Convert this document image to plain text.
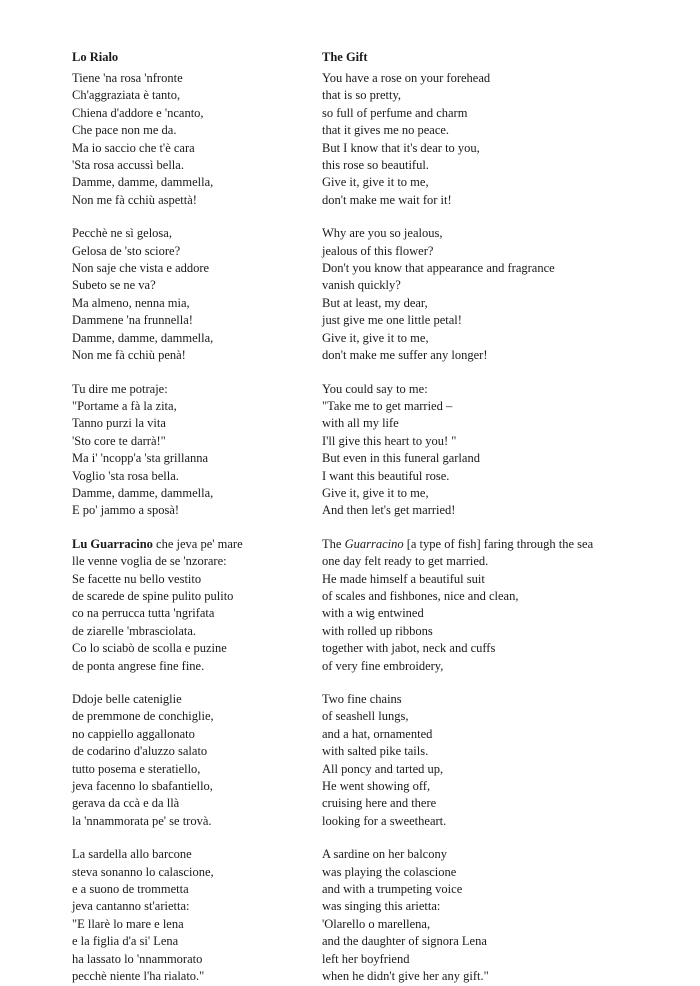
Lo Rialo
Tiene 'na rosa 'nfronte
Ch'aggraziata è tanto,
Chiena d'addore e 'ncanto,
Che pace non me da.
Ma io saccio che t'è cara
'Sta rosa accussì bella.
Damme, damme, dammella,
Non me fà cchiù aspettà!
Pecchè ne sì gelosa,
Gelosa de 'sto sciore?
Non saje che vista e addore
Subeto se ne va?
Ma almeno, nenna mia,
Dammene 'na frunnella!
Damme, damme, dammella,
Non me fà cchiù penà!
Tu dire me potraje:
"Portame a fà la zita,
Tanno purzi la vita
'Sto core te darrà!"
Ma i' 'ncopp'a 'sta grillanna
Voglio 'sta rosa bella.
Damme, damme, dammella,
E po' jammo a sposà!
Lu Guarracino che jeva pe' mare
lle venne voglia de se 'nzorare:
Se facette nu bello vestito
de scarede de spine pulito pulito
co na perrucca tutta 'ngrifata
de ziarelle 'mbrasciolata.
Co lo sciabò de scolla e puzine
de ponta angrese fine fine.
Ddoje belle cateniglie
de premmone de conchiglie,
no cappiello aggallonato
de codarino d'aluzzo salato
tutto posema e steratiello,
jeva facenno lo sbafantiello,
gerava da ccà e da llà
la 'nnammorata pe' se trovà.
La sardella allo barcone
steva sonanno lo calascione,
e a suono de trommetta
jeva cantanno st'arietta:
"E llarè lo mare e lena
e la figlia d'a si' Lena
ha lassato lo 'nnammorato
pecchè niente l'ha rialato."
The Gift
You have a rose on your forehead
that is so pretty,
so full of perfume and charm
that it gives me no peace.
But I know that it's dear to you,
this rose so beautiful.
Give it, give it to me,
don't make me wait for it!
Why are you so jealous,
jealous of this flower?
Don't you know that appearance and fragrance
vanish quickly?
But at least, my dear,
just give me one little petal!
Give it, give it to me,
don't make me suffer any longer!
You could say to me:
"Take me to get married –
with all my life
I'll give this heart to you! "
But even in this funeral garland
I want this beautiful rose.
Give it, give it to me,
And then let's get married!
The Guarracino [a type of fish] faring through the sea
one day felt ready to get married.
He made himself a beautiful suit
of scales and fishbones, nice and clean,
with a wig entwined
with rolled up ribbons
together with jabot, neck and cuffs
of very fine embroidery,
Two fine chains
of seashell lungs,
and a hat, ornamented
with salted pike tails.
All poncy and tarted up,
He went showing off,
cruising here and there
looking for a sweetheart.
A sardine on her balcony
was playing the colascione
and with a trumpeting voice
was singing this arietta:
'Olarello o marellena,
and the daughter of signora Lena
left her boyfriend
when he didn't give her any gift."
